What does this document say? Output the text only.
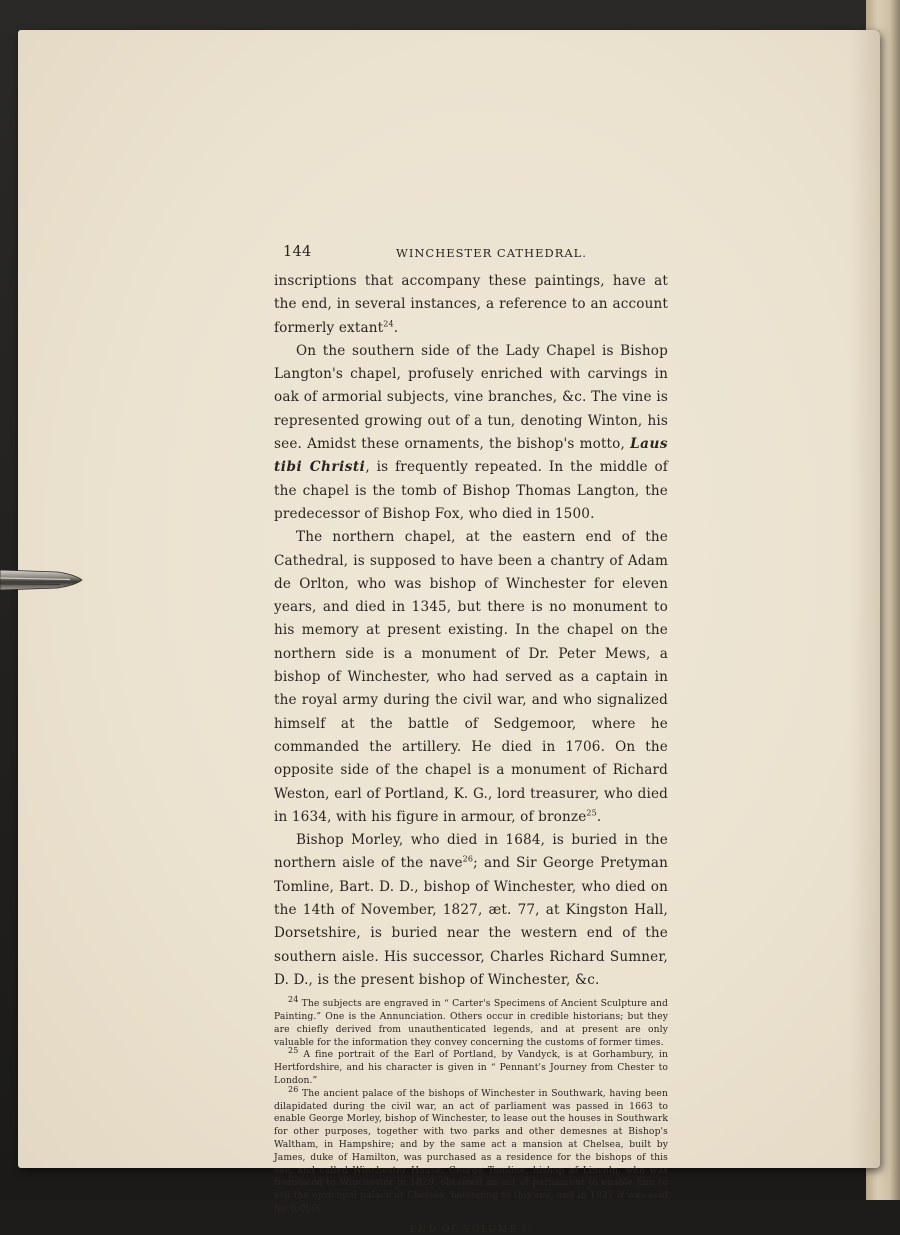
144	WINCHESTER CATHEDRAL.

inscriptions that accompany these paintings, have at the end, in several instances, a reference to an account formerly extant$^{24}$.

On the southern side of the Lady Chapel is Bishop Langton's chapel, profusely enriched with carvings in oak of armorial subjects, vine branches, &c. The vine is represented growing out of a tun, denoting Winton, his see. Amidst these ornaments, the bishop's motto, Laus tibi Christi, is frequently repeated. In the middle of the chapel is the tomb of Bishop Thomas Langton, the predecessor of Bishop Fox, who died in 1500.

The northern chapel, at the eastern end of the Cathedral, is supposed to have been a chantry of Adam de Orlton, who was bishop of Winchester for eleven years, and died in 1345, but there is no monument to his memory at present existing. In the chapel on the northern side is a monument of Dr. Peter Mews, a bishop of Winchester, who had served as a captain in the royal army during the civil war, and who signalized himself at the battle of Sedgemoor, where he commanded the artillery. He died in 1706. On the opposite side of the chapel is a monument of Richard Weston, earl of Portland, K. G., lord treasurer, who died in 1634, with his figure in armour, of bronze$^{25}$.

Bishop Morley, who died in 1684, is buried in the northern aisle of the nave$^{26}$; and Sir George Pretyman Tomline, Bart. D. D., bishop of Winchester, who died on the 14th of November, 1827, æt. 77, at Kingston Hall, Dorsetshire, is buried near the western end of the southern aisle. His successor, Charles Richard Sumner, D. D., is the present bishop of Winchester, &c.

$^{24}$ The subjects are engraved in “ Carter's Specimens of Ancient Sculpture and Painting.” One is the Annunciation. Others occur in credible historians; but they are chiefly derived from unauthenticated legends, and at present are only valuable for the information they convey concerning the customs of former times.

$^{25}$ A fine portrait of the Earl of Portland, by Vandyck, is at Gorhambury, in Hertfordshire, and his character is given in “ Pennant's Journey from Chester to London.”

$^{26}$ The ancient palace of the bishops of Winchester in Southwark, having been dilapidated during the civil war, an act of parliament was passed in 1663 to enable George Morley, bishop of Winchester, to lease out the houses in Southwark for other purposes, together with two parks and other demesnes at Bishop's Waltham, in Hampshire; and by the same act a mansion at Chelsea, built by James, duke of Hamilton, was purchased as a residence for the bishops of this see, and called Winchester House. George Tomline, bishop of Lincoln, who was translated to Winchester in 1820, obtained an act of parliament to enable him to sell the episcopal palace at Chelsea, belonging to this see, and in 1821 it was sold for 6,000l.

END OF VOLUME I.
